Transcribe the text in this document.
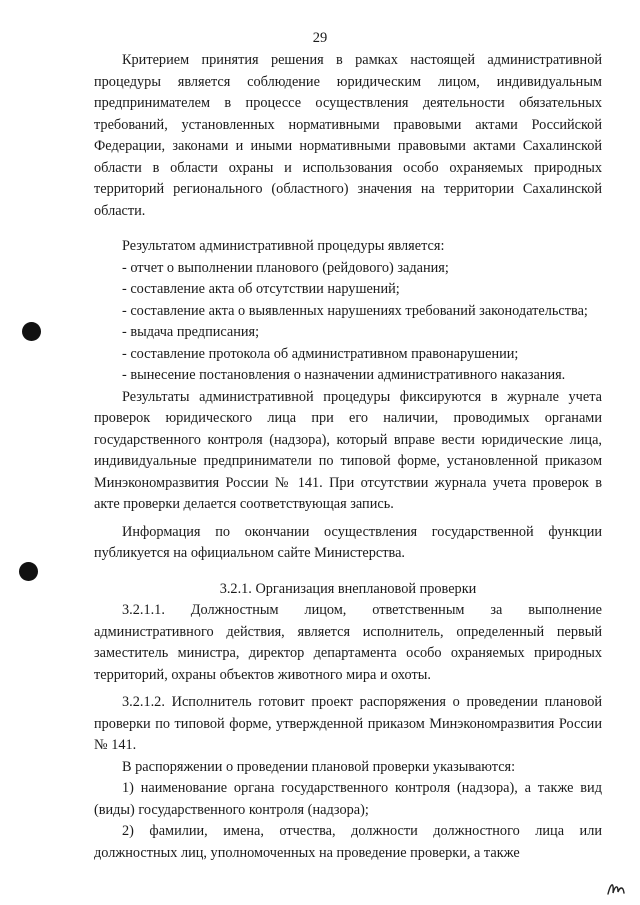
29

Критерием принятия решения в рамках настоящей административной процедуры является соблюдение юридическим лицом, индивидуальным предпринимателем в процессе осуществления деятельности обязательных требований, установленных нормативными правовыми актами Российской Федерации, законами и иными нормативными правовыми актами Сахалинской области в области охраны и использования особо охраняемых природных территорий регионального (областного) значения на территории Сахалинской области.

Результатом административной процедуры является:

- отчет о выполнении планового (рейдового) задания;

- составление акта об отсутствии нарушений;

- составление акта о выявленных нарушениях требований законодательства;

- выдача предписания;

- составление протокола об административном правонарушении;

- вынесение постановления о назначении административного наказания.

Результаты административной процедуры фиксируются в журнале учета проверок юридического лица при его наличии, проводимых органами государственного контроля (надзора), который вправе вести юридические лица, индивидуальные предприниматели по типовой форме, установленной приказом Минэкономразвития России № 141. При отсутствии журнала учета проверок в акте проверки делается соответствующая запись.

Информация по окончании осуществления государственной функции публикуется на официальном сайте Министерства.

3.2.1. Организация внеплановой проверки

3.2.1.1. Должностным лицом, ответственным за выполнение административного действия, является исполнитель, определенный первый заместитель министра, директор департамента особо охраняемых природных территорий, охраны объектов животного мира и охоты.

3.2.1.2. Исполнитель готовит проект распоряжения о проведении плановой проверки по типовой форме, утвержденной приказом Минэкономразвития России № 141.

В распоряжении о проведении плановой проверки указываются:

1) наименование органа государственного контроля (надзора), а также вид (виды) государственного контроля (надзора);

2) фамилии, имена, отчества, должности должностного лица или должностных лиц, уполномоченных на проведение проверки, а также
